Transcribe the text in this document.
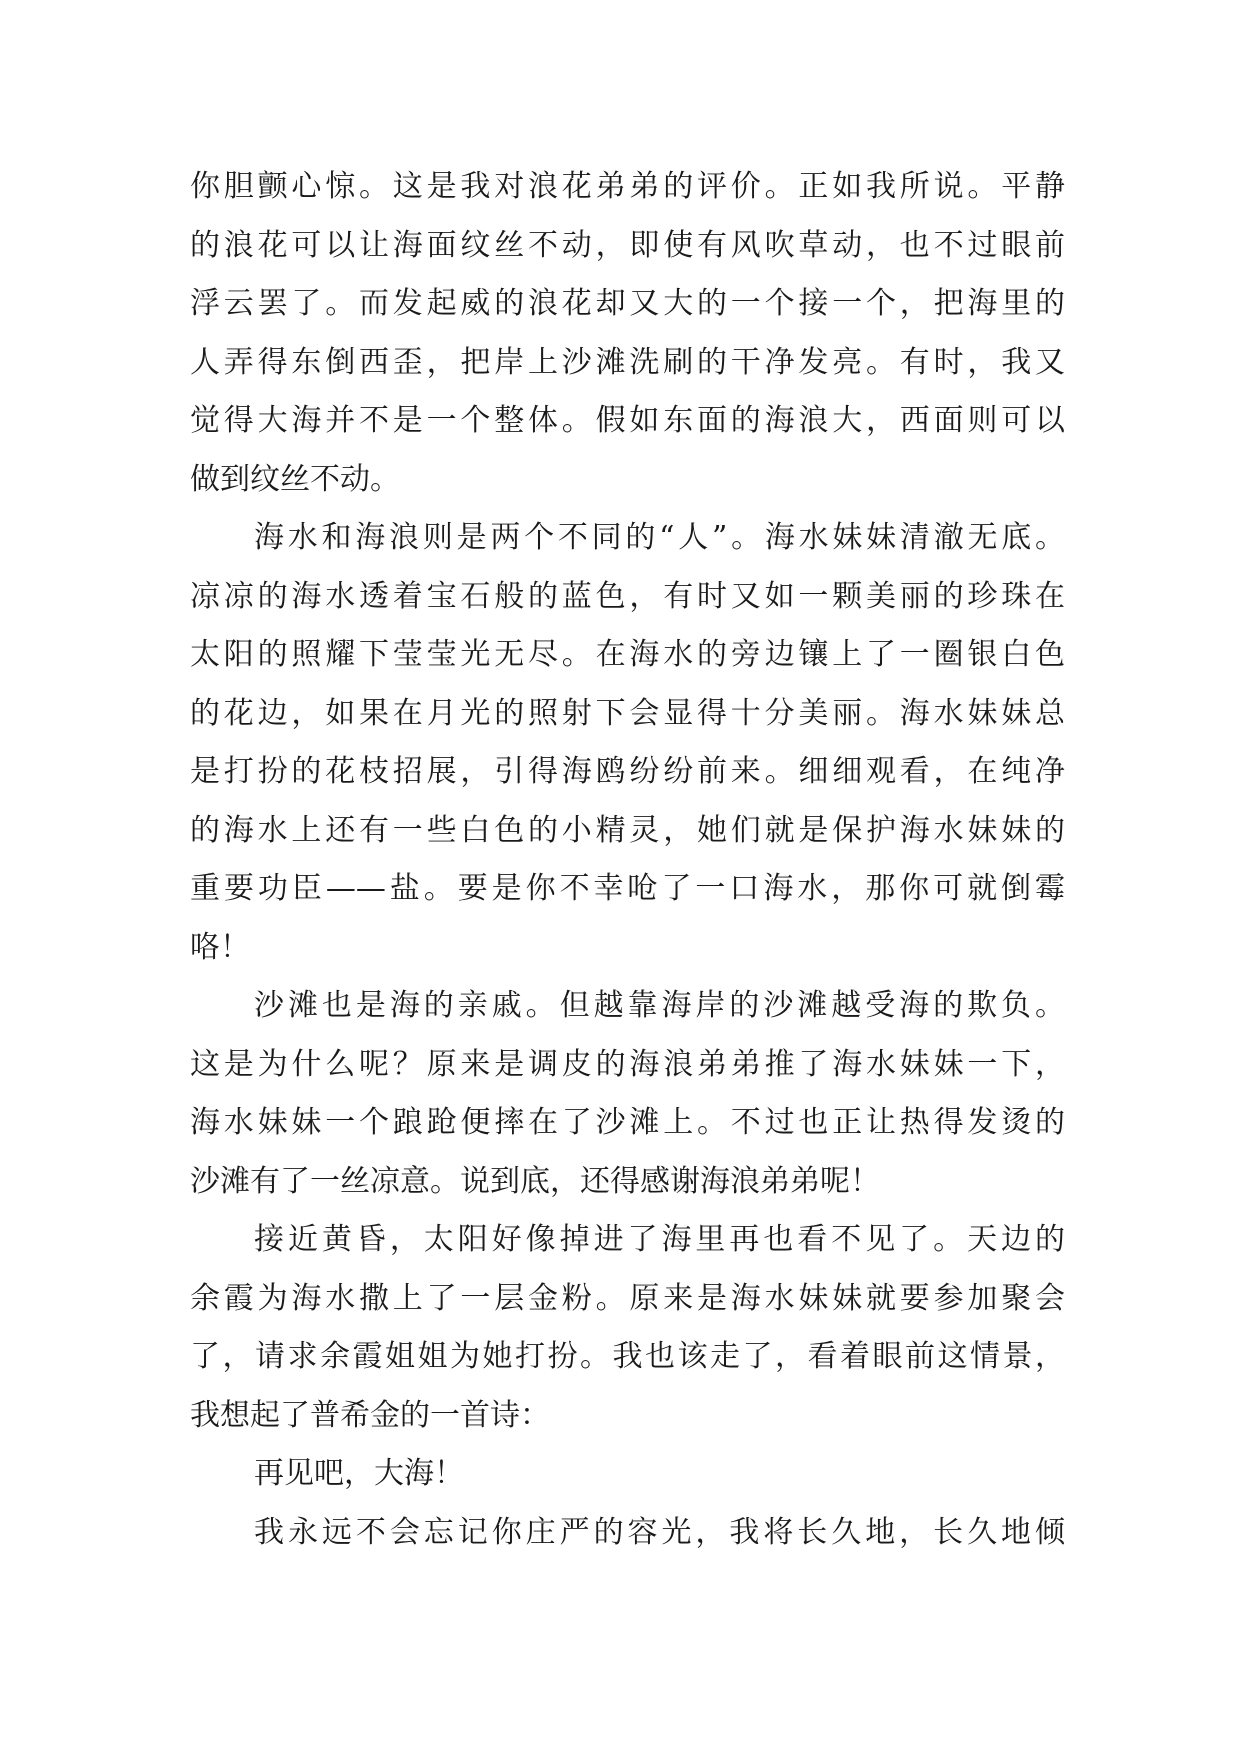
你胆颤心惊。这是我对浪花弟弟的评价。正如我所说。平静
的浪花可以让海面纹丝不动，即使有风吹草动，也不过眼前
浮云罢了。而发起威的浪花却又大的一个接一个，把海里的
人弄得东倒西歪，把岸上沙滩洗刷的干净发亮。有时，我又
觉得大海并不是一个整体。假如东面的海浪大，西面则可以
做到纹丝不动。
海水和海浪则是两个不同的“人”。海水妹妹清澈无底。
凉凉的海水透着宝石般的蓝色，有时又如一颗美丽的珍珠在
太阳的照耀下莹莹光无尽。在海水的旁边镶上了一圈银白色
的花边，如果在月光的照射下会显得十分美丽。海水妹妹总
是打扮的花枝招展，引得海鸥纷纷前来。细细观看，在纯净
的海水上还有一些白色的小精灵，她们就是保护海水妹妹的
重要功臣——盐。要是你不幸呛了一口海水，那你可就倒霉
咯！
沙滩也是海的亲戚。但越靠海岸的沙滩越受海的欺负。
这是为什么呢？原来是调皮的海浪弟弟推了海水妹妹一下，
海水妹妹一个踉跄便摔在了沙滩上。不过也正让热得发烫的
沙滩有了一丝凉意。说到底，还得感谢海浪弟弟呢！
接近黄昏，太阳好像掉进了海里再也看不见了。天边的
余霞为海水撒上了一层金粉。原来是海水妹妹就要参加聚会
了，请求余霞姐姐为她打扮。我也该走了，看着眼前这情景，
我想起了普希金的一首诗：
再见吧，大海！
我永远不会忘记你庄严的容光，我将长久地，长久地倾
